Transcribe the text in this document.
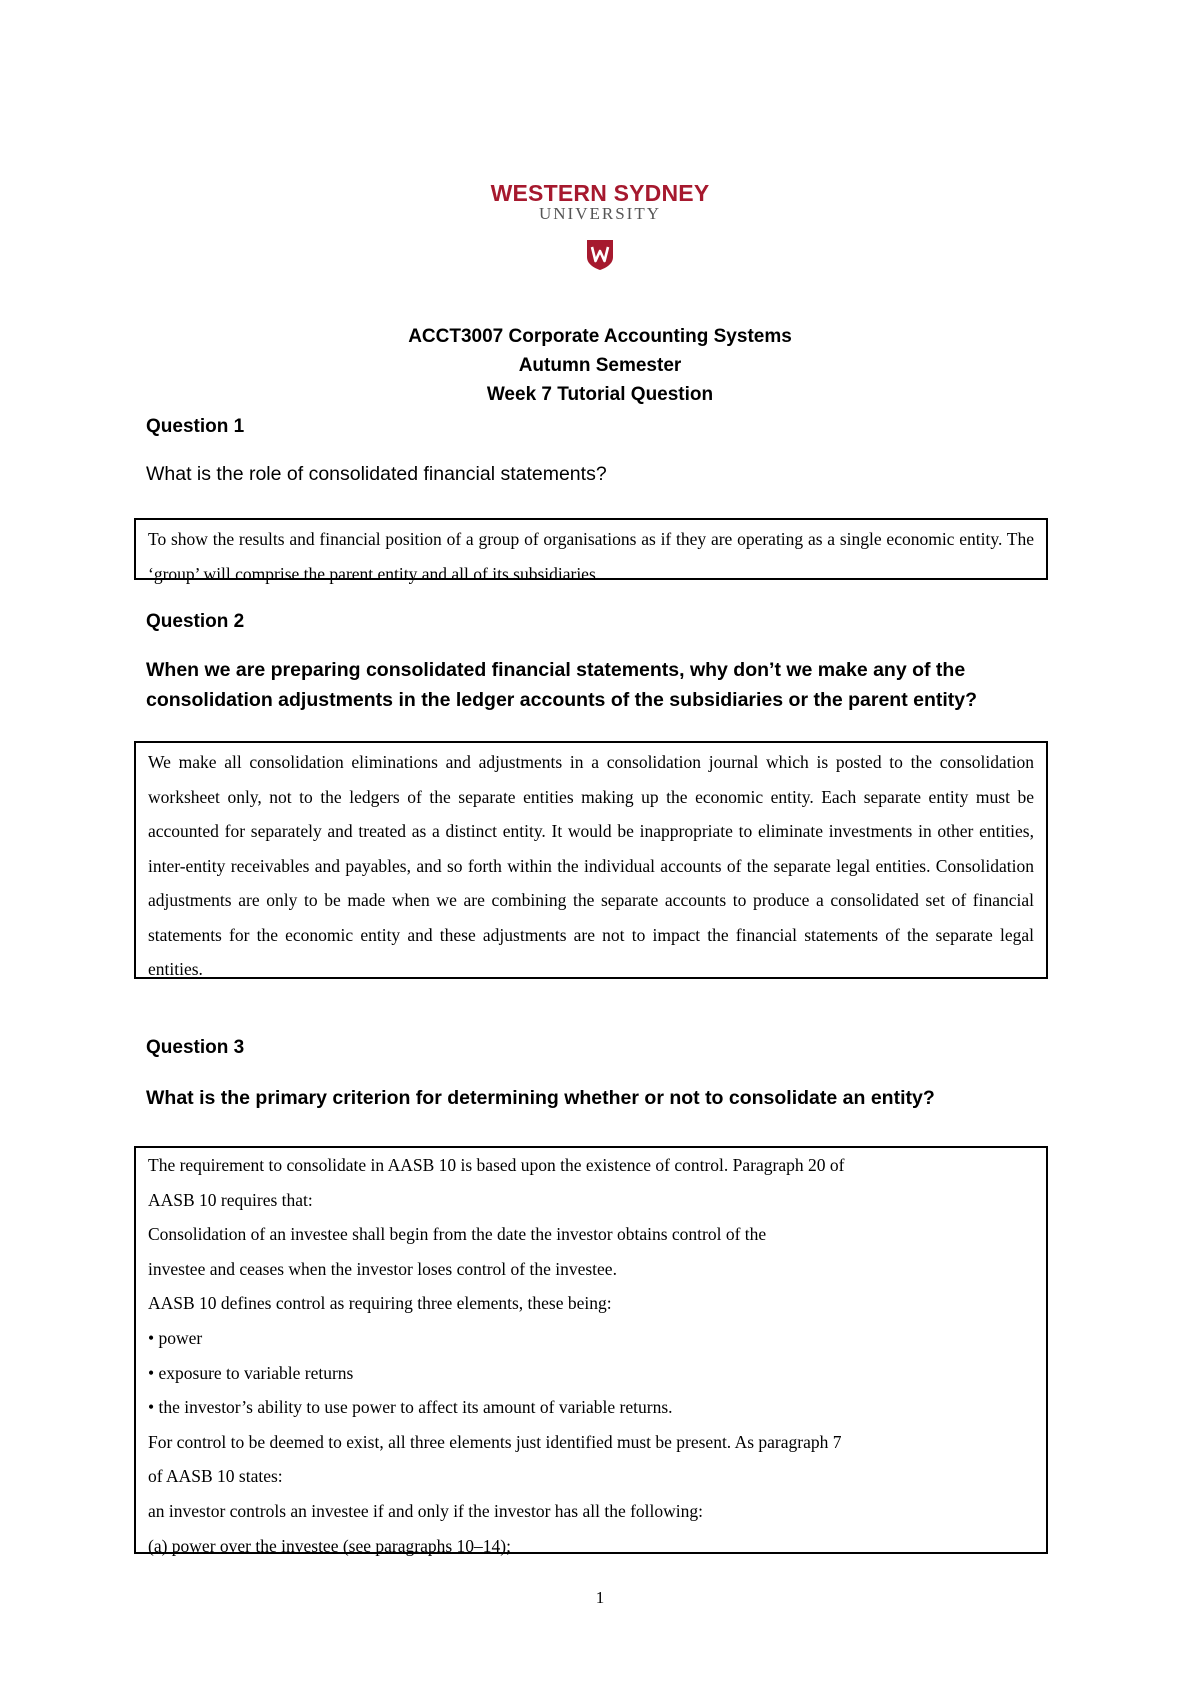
WESTERN SYDNEY
UNIVERSITY
ACCT3007 Corporate Accounting Systems
Autumn Semester
Week 7 Tutorial Question
Question 1
What is the role of consolidated financial statements?
To show the results and financial position of a group of organisations as if they are operating as a single economic entity. The ‘group’ will comprise the parent entity and all of its subsidiaries.
Question 2
When we are preparing consolidated financial statements, why don’t we make any of the consolidation adjustments in the ledger accounts of the subsidiaries or the parent entity?
We make all consolidation eliminations and adjustments in a consolidation journal which is posted to the consolidation worksheet only, not to the ledgers of the separate entities making up the economic entity. Each separate entity must be accounted for separately and treated as a distinct entity. It would be inappropriate to eliminate investments in other entities, inter-entity receivables and payables, and so forth within the individual accounts of the separate legal entities. Consolidation adjustments are only to be made when we are combining the separate accounts to produce a consolidated set of financial statements for the economic entity and these adjustments are not to impact the financial statements of the separate legal entities.
Question 3
What is the primary criterion for determining whether or not to consolidate an entity?
The requirement to consolidate in AASB 10 is based upon the existence of control. Paragraph 20 of
AASB 10 requires that:
Consolidation of an investee shall begin from the date the investor obtains control of the
investee and ceases when the investor loses control of the investee.
AASB 10 defines control as requiring three elements, these being:
• power
• exposure to variable returns
• the investor’s ability to use power to affect its amount of variable returns.
For control to be deemed to exist, all three elements just identified must be present. As paragraph 7
of AASB 10 states:
an investor controls an investee if and only if the investor has all the following:
(a) power over the investee (see paragraphs 10–14);
1
